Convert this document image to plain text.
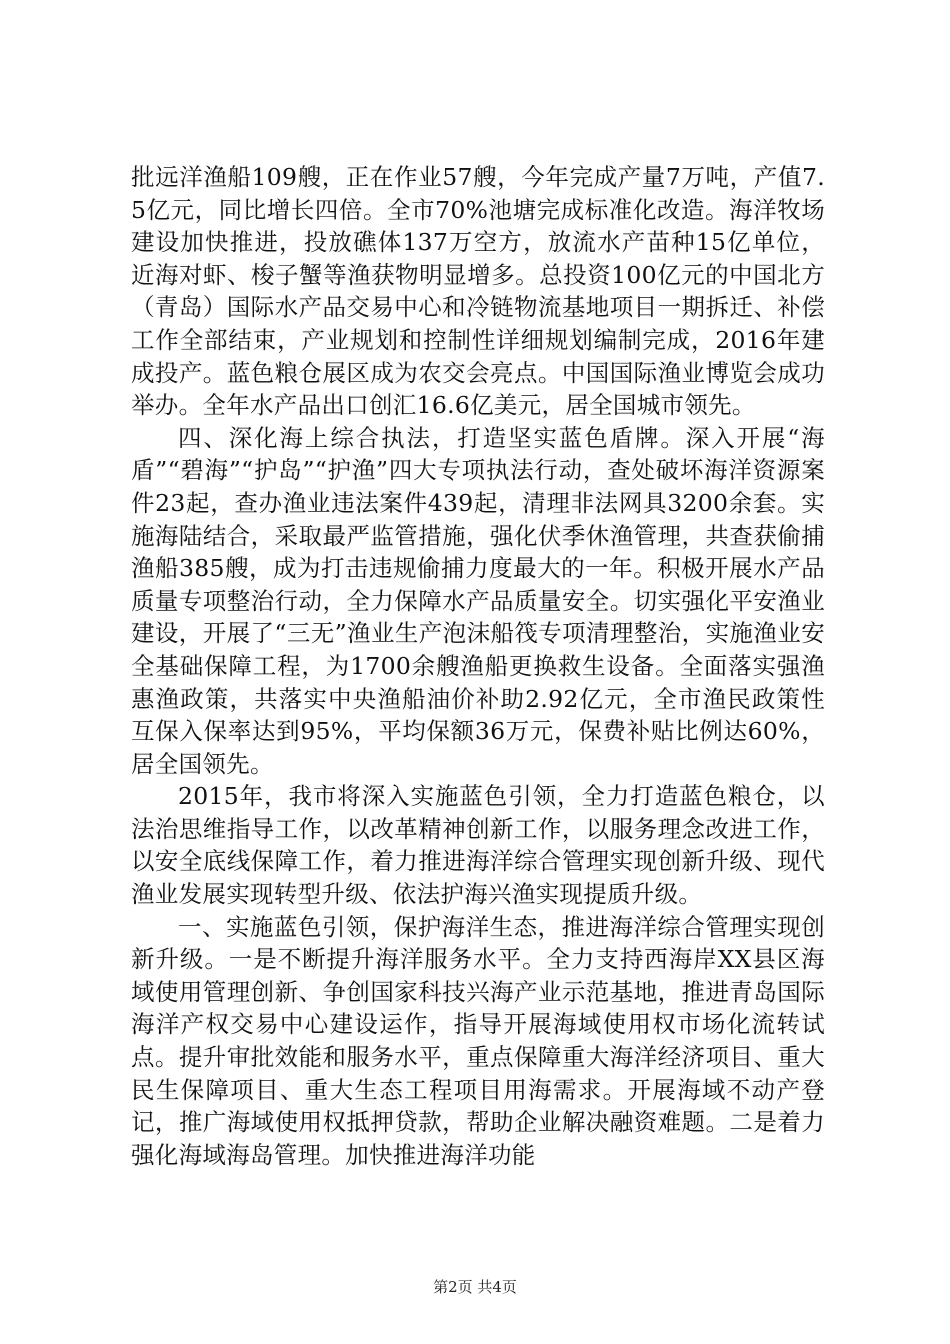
批远洋渔船109艘，正在作业57艘，今年完成产量7万吨，产值7.5亿元，同比增长四倍。全市70%池塘完成标准化改造。海洋牧场建设加快推进，投放礁体137万空方，放流水产苗种15亿单位，近海对虾、梭子蟹等渔获物明显增多。总投资100亿元的中国北方（青岛）国际水产品交易中心和冷链物流基地项目一期拆迁、补偿工作全部结束，产业规划和控制性详细规划编制完成，2016年建成投产。蓝色粮仓展区成为农交会亮点。中国国际渔业博览会成功举办。全年水产品出口创汇16.6亿美元，居全国城市领先。

四、深化海上综合执法，打造坚实蓝色盾牌。深入开展“海盾”“碧海”“护岛”“护渔”四大专项执法行动，查处破坏海洋资源案件23起，查办渔业违法案件439起，清理非法网具3200余套。实施海陆结合，采取最严监管措施，强化伏季休渔管理，共查获偷捕渔船385艘，成为打击违规偷捕力度最大的一年。积极开展水产品质量专项整治行动，全力保障水产品质量安全。切实强化平安渔业建设，开展了“三无”渔业生产泡沫船筏专项清理整治，实施渔业安全基础保障工程，为1700余艘渔船更换救生设备。全面落实强渔惠渔政策，共落实中央渔船油价补助2.92亿元，全市渔民政策性互保入保率达到95%，平均保额36万元，保费补贴比例达60%，居全国领先。

2015年，我市将深入实施蓝色引领，全力打造蓝色粮仓，以法治思维指导工作，以改革精神创新工作，以服务理念改进工作，以安全底线保障工作，着力推进海洋综合管理实现创新升级、现代渔业发展实现转型升级、依法护海兴渔实现提质升级。

一、实施蓝色引领，保护海洋生态，推进海洋综合管理实现创新升级。一是不断提升海洋服务水平。全力支持西海岸XX县区海域使用管理创新、争创国家科技兴海产业示范基地，推进青岛国际海洋产权交易中心建设运作，指导开展海域使用权市场化流转试点。提升审批效能和服务水平，重点保障重大海洋经济项目、重大民生保障项目、重大生态工程项目用海需求。开展海域不动产登记，推广海域使用权抵押贷款，帮助企业解决融资难题。二是着力强化海域海岛管理。加快推进海洋功能

第2页 共4页
